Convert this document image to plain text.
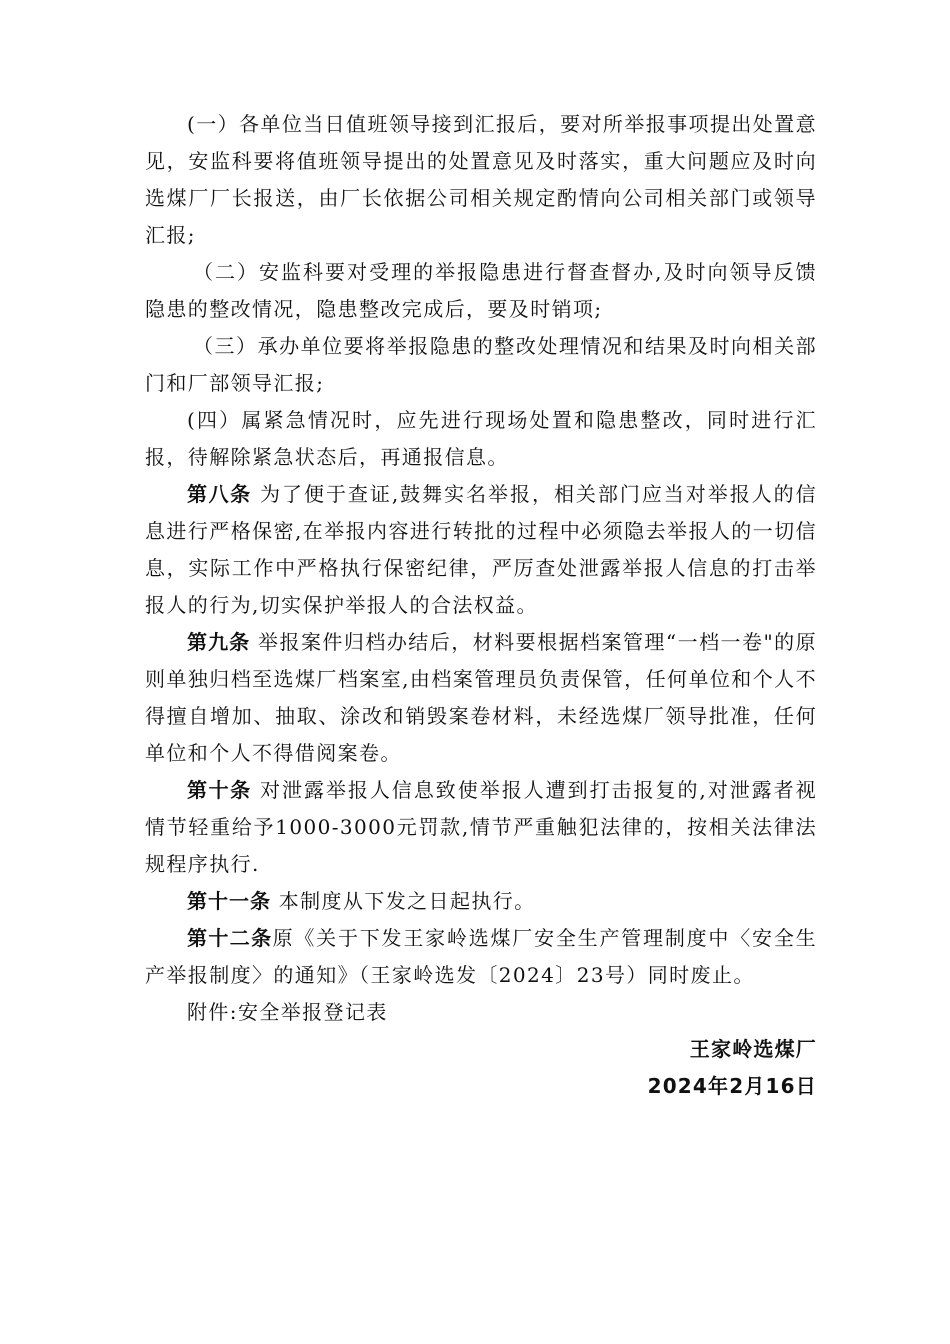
(一）各单位当日值班领导接到汇报后，要对所举报事项提出处置意见，安监科要将值班领导提出的处置意见及时落实，重大问题应及时向选煤厂厂长报送，由厂长依据公司相关规定酌情向公司相关部门或领导汇报;

（二）安监科要对受理的举报隐患进行督查督办,及时向领导反馈隐患的整改情况，隐患整改完成后，要及时销项;

（三）承办单位要将举报隐患的整改处理情况和结果及时向相关部门和厂部领导汇报;

(四）属紧急情况时，应先进行现场处置和隐患整改，同时进行汇报，待解除紧急状态后，再通报信息。

第八条 为了便于查证,鼓舞实名举报，相关部门应当对举报人的信息进行严格保密,在举报内容进行转批的过程中必须隐去举报人的一切信息，实际工作中严格执行保密纪律，严厉查处泄露举报人信息的打击举报人的行为,切实保护举报人的合法权益。

第九条 举报案件归档办结后，材料要根据档案管理“一档一卷"的原则单独归档至选煤厂档案室,由档案管理员负责保管，任何单位和个人不得擅自增加、抽取、涂改和销毁案卷材料，未经选煤厂领导批准，任何单位和个人不得借阅案卷。

第十条 对泄露举报人信息致使举报人遭到打击报复的,对泄露者视情节轻重给予1000-3000元罚款,情节严重触犯法律的，按相关法律法规程序执行.

第十一条 本制度从下发之日起执行。

第十二条原《关于下发王家岭选煤厂安全生产管理制度中〈安全生产举报制度〉的通知》（王家岭选发〔2024〕23号）同时废止。

附件:安全举报登记表

王家岭选煤厂

2024年2月16日
